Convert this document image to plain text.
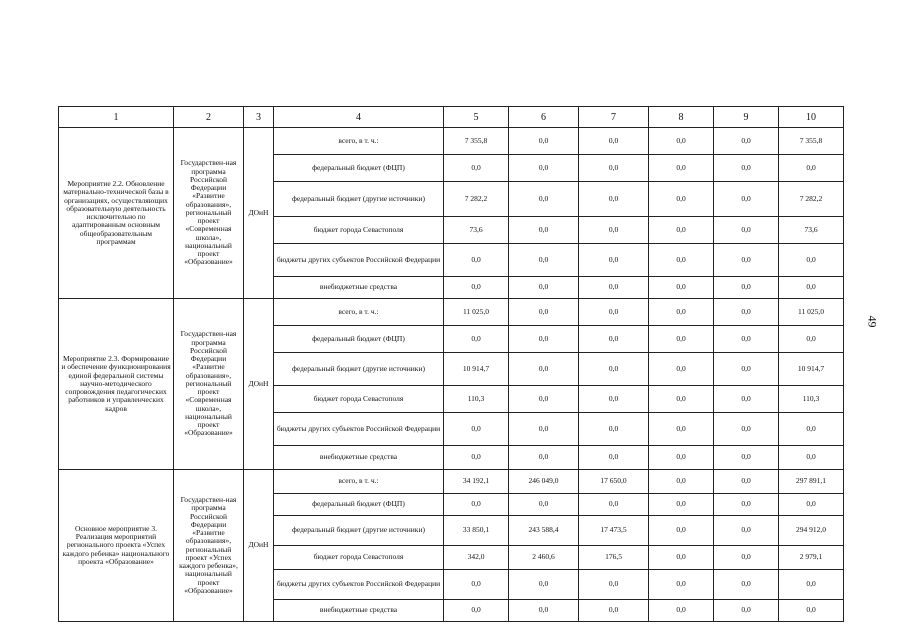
1	2	3	4	5	6	7	8	9	10
Мероприятие 2.2. Обновление материально-технической базы в организациях, осуществляющих образовательную деятельность исключительно по адаптированным основным общеобразовательным программам	Государствен-ная программа Российской Федерации «Развитие образования», региональный проект «Современная школа», национальный проект «Образование»	ДОиН	всего, в т. ч.:	7 355,8	0,0	0,0	0,0	0,0	7 355,8
			федеральный бюджет (ФЦП)	0,0	0,0	0,0	0,0	0,0	0,0
			федеральный бюджет (другие источники)	7 282,2	0,0	0,0	0,0	0,0	7 282,2
			бюджет города Севастополя	73,6	0,0	0,0	0,0	0,0	73,6
			бюджеты других субъектов Российской Федерации	0,0	0,0	0,0	0,0	0,0	0,0
			внебюджетные средства	0,0	0,0	0,0	0,0	0,0	0,0
Мероприятие 2.3. Формирование и обеспечение функционирования единой федеральной системы научно-методического сопровождения педагогических работников и управленческих кадров	Государствен-ная программа Российской Федерации «Развитие образования», региональный проект «Современная школа», национальный проект «Образование»	ДОиН	всего, в т. ч.:	11 025,0	0,0	0,0	0,0	0,0	11 025,0
			федеральный бюджет (ФЦП)	0,0	0,0	0,0	0,0	0,0	0,0
			федеральный бюджет (другие источники)	10 914,7	0,0	0,0	0,0	0,0	10 914,7
			бюджет города Севастополя	110,3	0,0	0,0	0,0	0,0	110,3
			бюджеты других субъектов Российской Федерации	0,0	0,0	0,0	0,0	0,0	0,0
			внебюджетные средства	0,0	0,0	0,0	0,0	0,0	0,0
Основное мероприятие 3. Реализация мероприятий регионального проекта «Успех каждого ребенка» национального проекта «Образование»	Государствен-ная программа Российской Федерации «Развитие образования», региональный проект «Успех каждого ребенка», национальный проект «Образование»	ДОиН	всего, в т. ч.:	34 192,1	246 049,0	17 650,0	0,0	0,0	297 891,1
			федеральный бюджет (ФЦП)	0,0	0,0	0,0	0,0	0,0	0,0
			федеральный бюджет (другие источники)	33 850,1	243 588,4	17 473,5	0,0	0,0	294 912,0
			бюджет города Севастополя	342,0	2 460,6	176,5	0,0	0,0	2 979,1
			бюджеты других субъектов Российской Федерации	0,0	0,0	0,0	0,0	0,0	0,0
			внебюджетные средства	0,0	0,0	0,0	0,0	0,0	0,0
49
